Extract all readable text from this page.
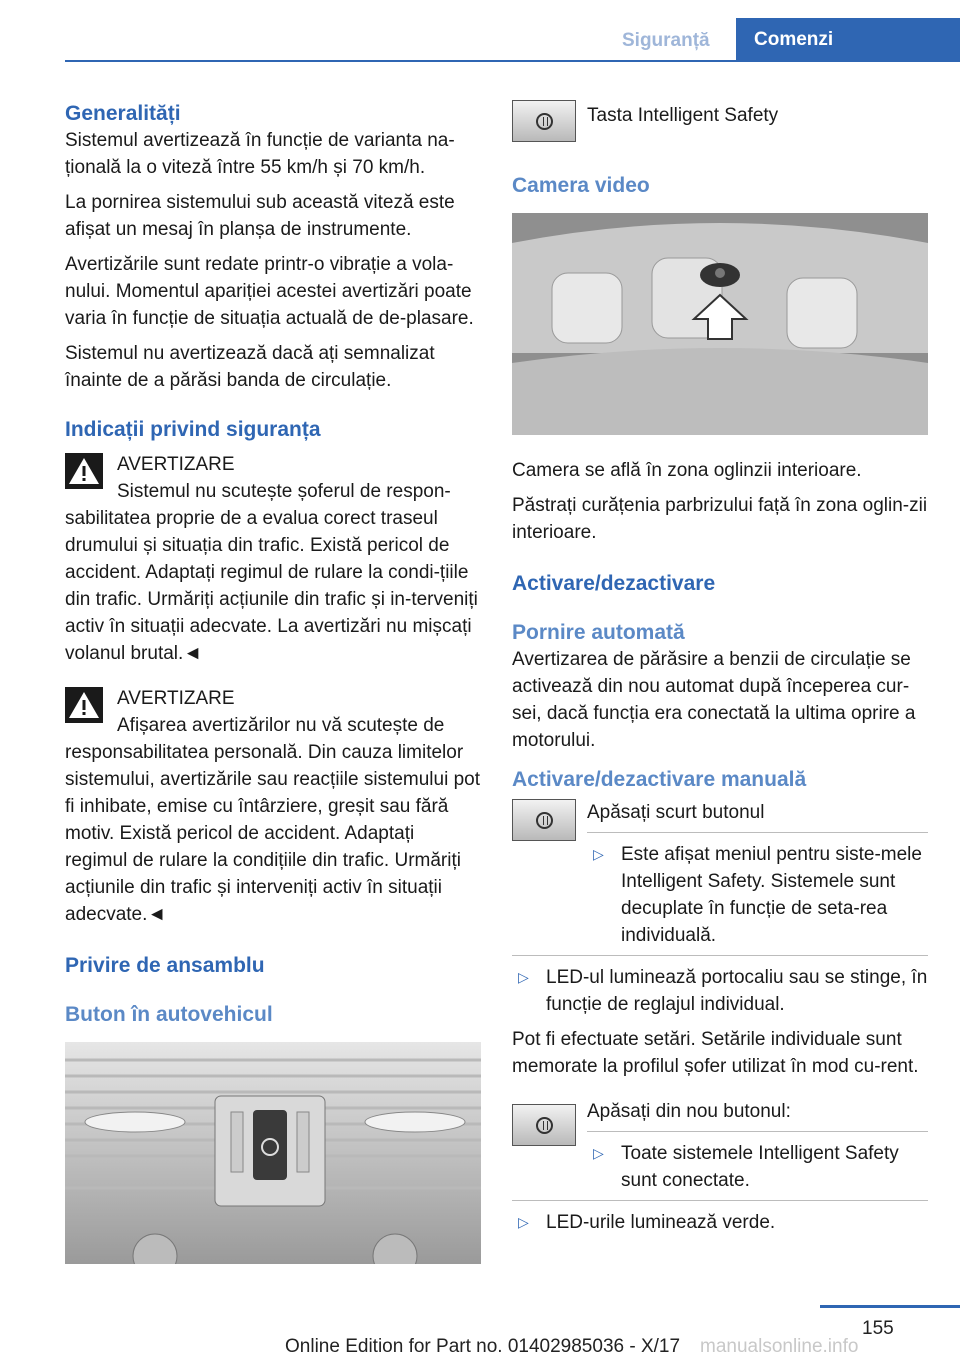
Siguranță	Comenzi
Generalități

Sistemul avertizează în funcție de varianta na-țională la o viteză între 55 km/h și 70 km/h.

La pornirea sistemului sub această viteză este afișat un mesaj în planșa de instrumente.

Avertizările sunt redate printr-o vibrație a vola-nului. Momentul apariției acestei avertizări poate varia în funcție de situația actuală de de-plasare.

Sistemul nu avertizează dacă ați semnalizat înainte de a părăsi banda de circulație.

Indicații privind siguranța
AVERTIZARE

Sistemul nu scutește șoferul de respon-sabilitatea proprie de a evalua corect traseul drumului și situația din trafic. Există pericol de accident. Adaptați regimul de rulare la condi-țiile din trafic. Urmăriți acțiunile din trafic și in-terveniți activ în situații adecvate. La avertizări nu mișcați volanul brutal.◄

AVERTIZARE

Afișarea avertizărilor nu vă scutește de responsabilitatea personală. Din cauza limitelor sistemului, avertizările sau reacțiile sistemului pot fi inhibate, emise cu întârziere, greșit sau fără motiv. Există pericol de accident. Adaptați regimul de rulare la condițiile din trafic. Urmăriți acțiunile din trafic și interveniți activ în situații adecvate.◄

Privire de ansamblu
Buton în autovehicul
Tasta Intelligent Safety
Camera video

Camera se află în zona oglinzii interioare.

Păstrați curățenia parbrizului față în zona oglin-zii interioare.

Activare/dezactivare
Pornire automată

Avertizarea de părăsire a benzii de circulație se activează din nou automat după începerea cur-sei, dacă funcția era conectată la ultima oprire a motorului.

Activare/dezactivare manuală
Apăsați scurt butonul
▷ Este afișat meniul pentru siste-mele Intelligent Safety. Sistemele sunt decuplate în funcție de seta-rea individuală.
▷ LED-ul luminează portocaliu sau se stinge, în funcție de reglajul individual.

Pot fi efectuate setări. Setările individuale sunt memorate la profilul șofer utilizat în mod cu-rent.

Apăsați din nou butonul:
▷ Toate sistemele Intelligent Safety sunt conectate.
▷ LED-urile luminează verde.
155
Online Edition for Part no. 01402985036 - X/17 manualsonline.info
